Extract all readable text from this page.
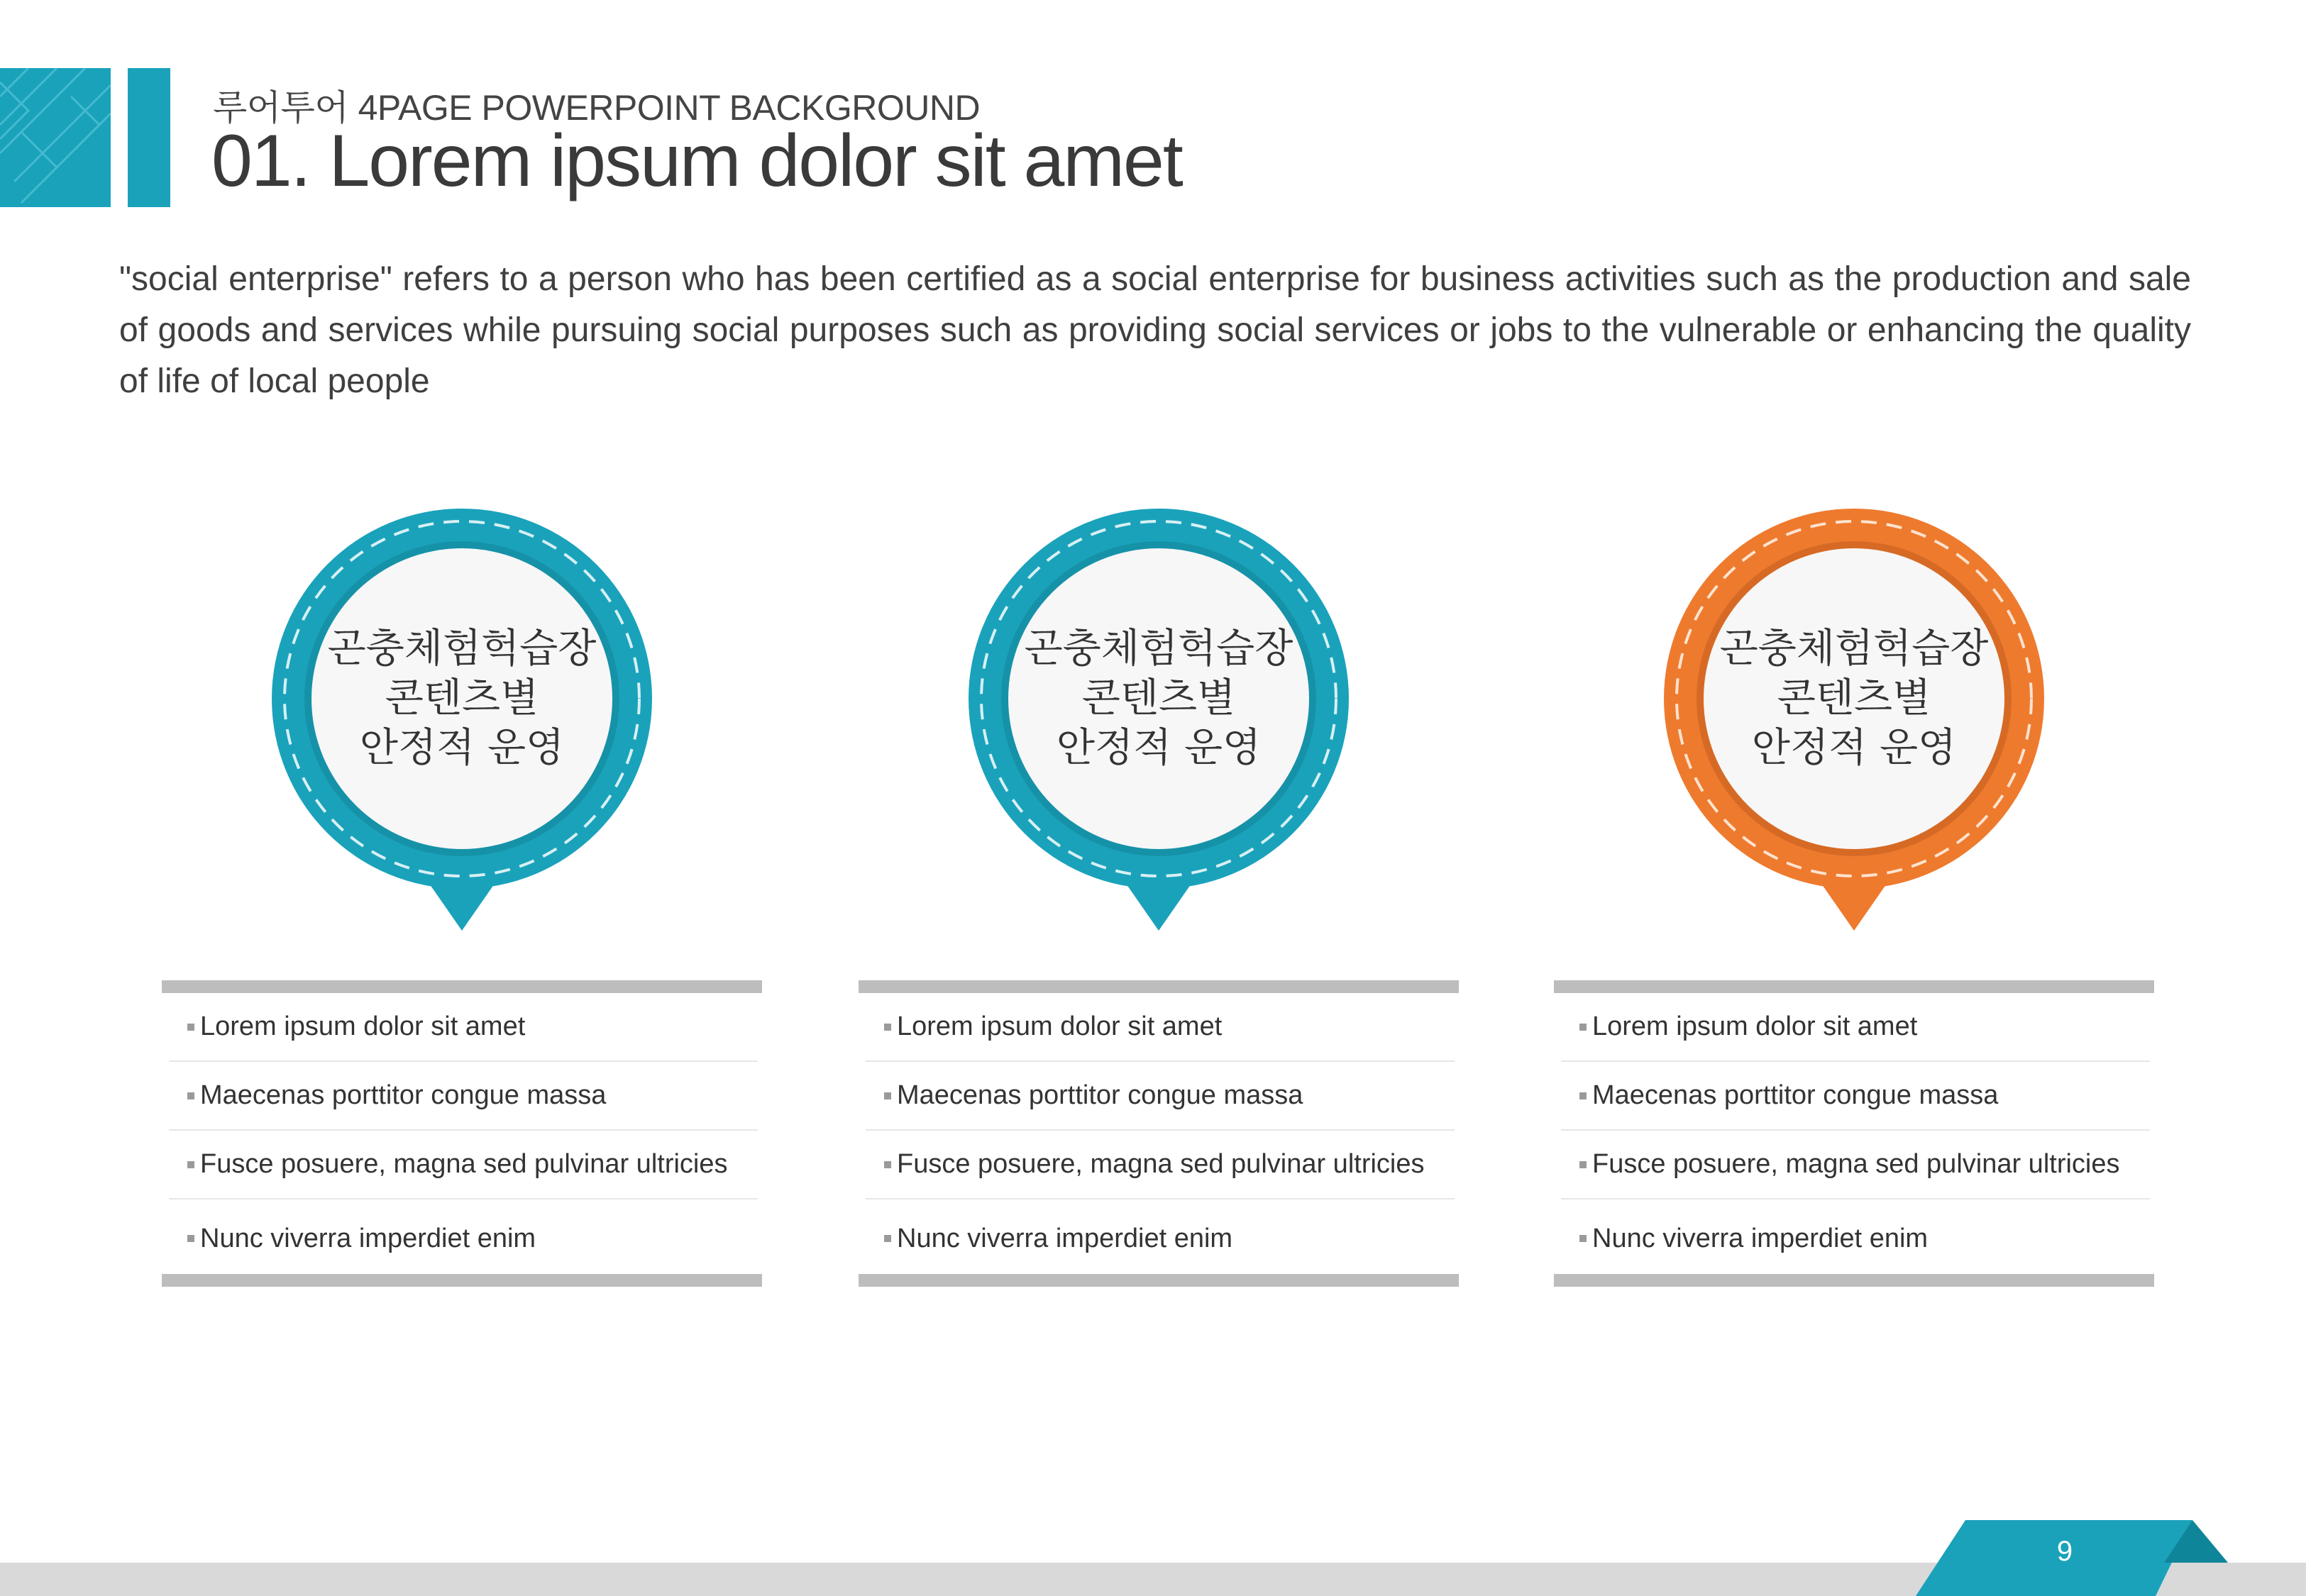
루어투어 4PAGE POWERPOINT BACKGROUND
01. Lorem ipsum dolor sit amet
"social enterprise" refers to a person who has been certified as a social enterprise for business activities such as the production and sale of goods and services while pursuing social purposes such as providing social services or jobs to the vulnerable or enhancing the quality of life of local people
곤충체험헉습장
콘텐츠별
안정적 운영
Lorem ipsum dolor sit amet
Maecenas porttitor congue massa
Fusce posuere, magna sed pulvinar ultricies
Nunc viverra imperdiet enim
곤충체험헉습장
콘텐츠별
안정적 운영
Lorem ipsum dolor sit amet
Maecenas porttitor congue massa
Fusce posuere, magna sed pulvinar ultricies
Nunc viverra imperdiet enim
곤충체험헉습장
콘텐츠별
안정적 운영
Lorem ipsum dolor sit amet
Maecenas porttitor congue massa
Fusce posuere, magna sed pulvinar ultricies
Nunc viverra imperdiet enim
9
